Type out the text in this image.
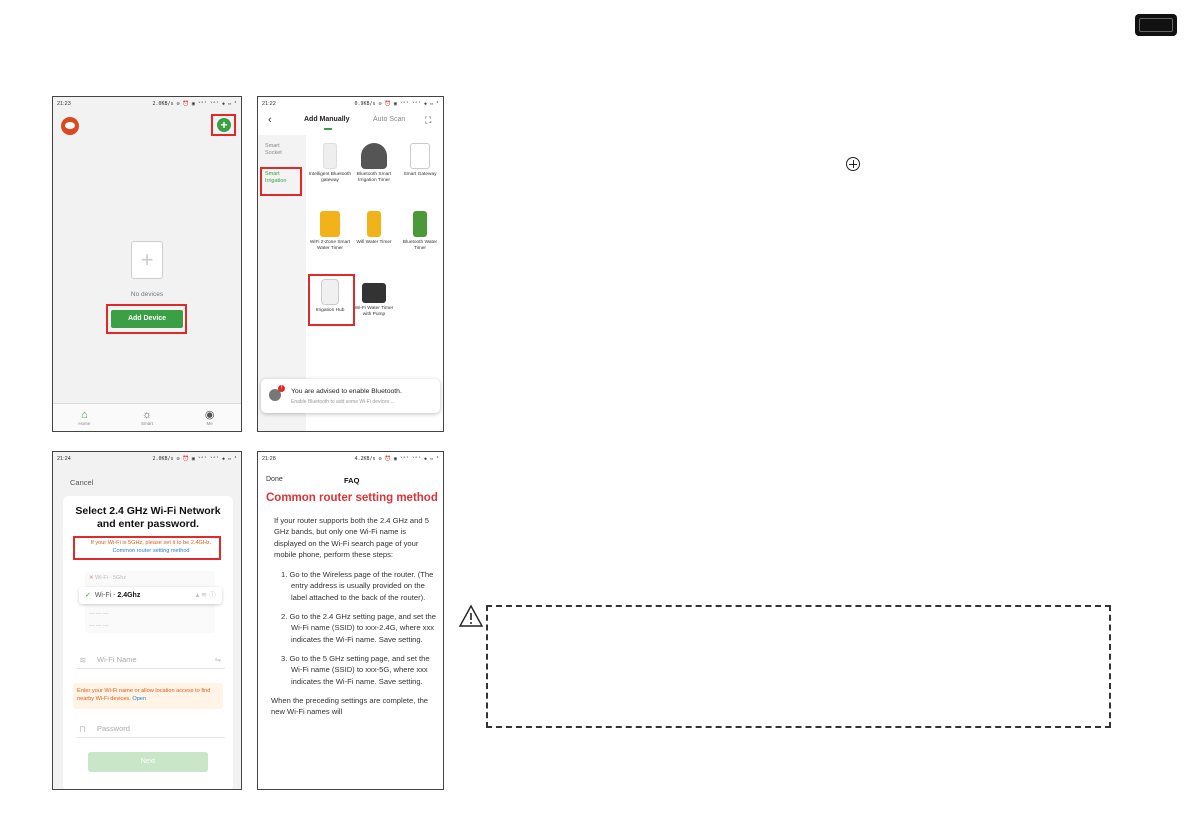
21:23	2.0KB/s ⊘ ⏰ ▣ ᵛᵒˡ ᵛᵒˡ ◈ ▭ ⁴
+
+
No devices
Add Device
⌂
Home
☼
Smart
◉
Me
21:22	0.9KB/s ⊘ ⏰ ▣ ᵛᵒˡ ᵛᵒˡ ◈ ▭ ⁴
‹	Add Manually	Auto Scan ⛶
Smart Socket
Smart Irrigation
Intelligent Bluetooth gateway
Bluetooth Smart Irrigation Timer
Smart Gateway
WiFi 2-Zone Smart Water Timer
Wifi Water Timer	Bluetooth Water Timer
Irrigation Hub	Wi-Fi Water Timer with Pump
!	You are advised to enable Bluetooth.
Enable Bluetooth to add some Wi-Fi devices ...
21:24	2.0KB/s ⊘ ⏰ ▣ ᵛᵒˡ ᵛᵒˡ ◈ ▭ ⁴
Cancel
Select 2.4 GHz Wi-Fi Network and enter password.
If your Wi-Fi is 5GHz, please set it to be 2.4GHz. Common router setting method
✕ Wi-Fi - 5Ghz
— — —
— — —
✓ Wi-Fi - 2.4Ghz	▴ ≋ ⓘ
≋ Wi-Fi Name	⇋
Enter your Wi-Fi name or allow location access to find nearby Wi-Fi devices. Open
⊓ Password
Next
21:28	4.2KB/s ⊘ ⏰ ▣ ᵛᵒˡ ᵛᵒˡ ◈ ▭ ⁴
Done	FAQ
Common router setting method

If your router supports both the 2.4 GHz and 5 GHz bands, but only one Wi-Fi name is displayed on the Wi-Fi search page of your mobile phone, perform these steps:

1. Go to the Wireless page of the router. (The entry address is usually provided on the label attached to the back of the router).
2. Go to the 2.4 GHz setting page, and set the Wi-Fi name (SSID) to xxx-2.4G, where xxx indicates the Wi-Fi name. Save setting.
3. Go to the 5 GHz setting page, and set the Wi-Fi name (SSID) to xxx-5G, where xxx indicates the Wi-Fi name. Save setting.

When the preceding settings are complete, the new Wi-Fi names will
